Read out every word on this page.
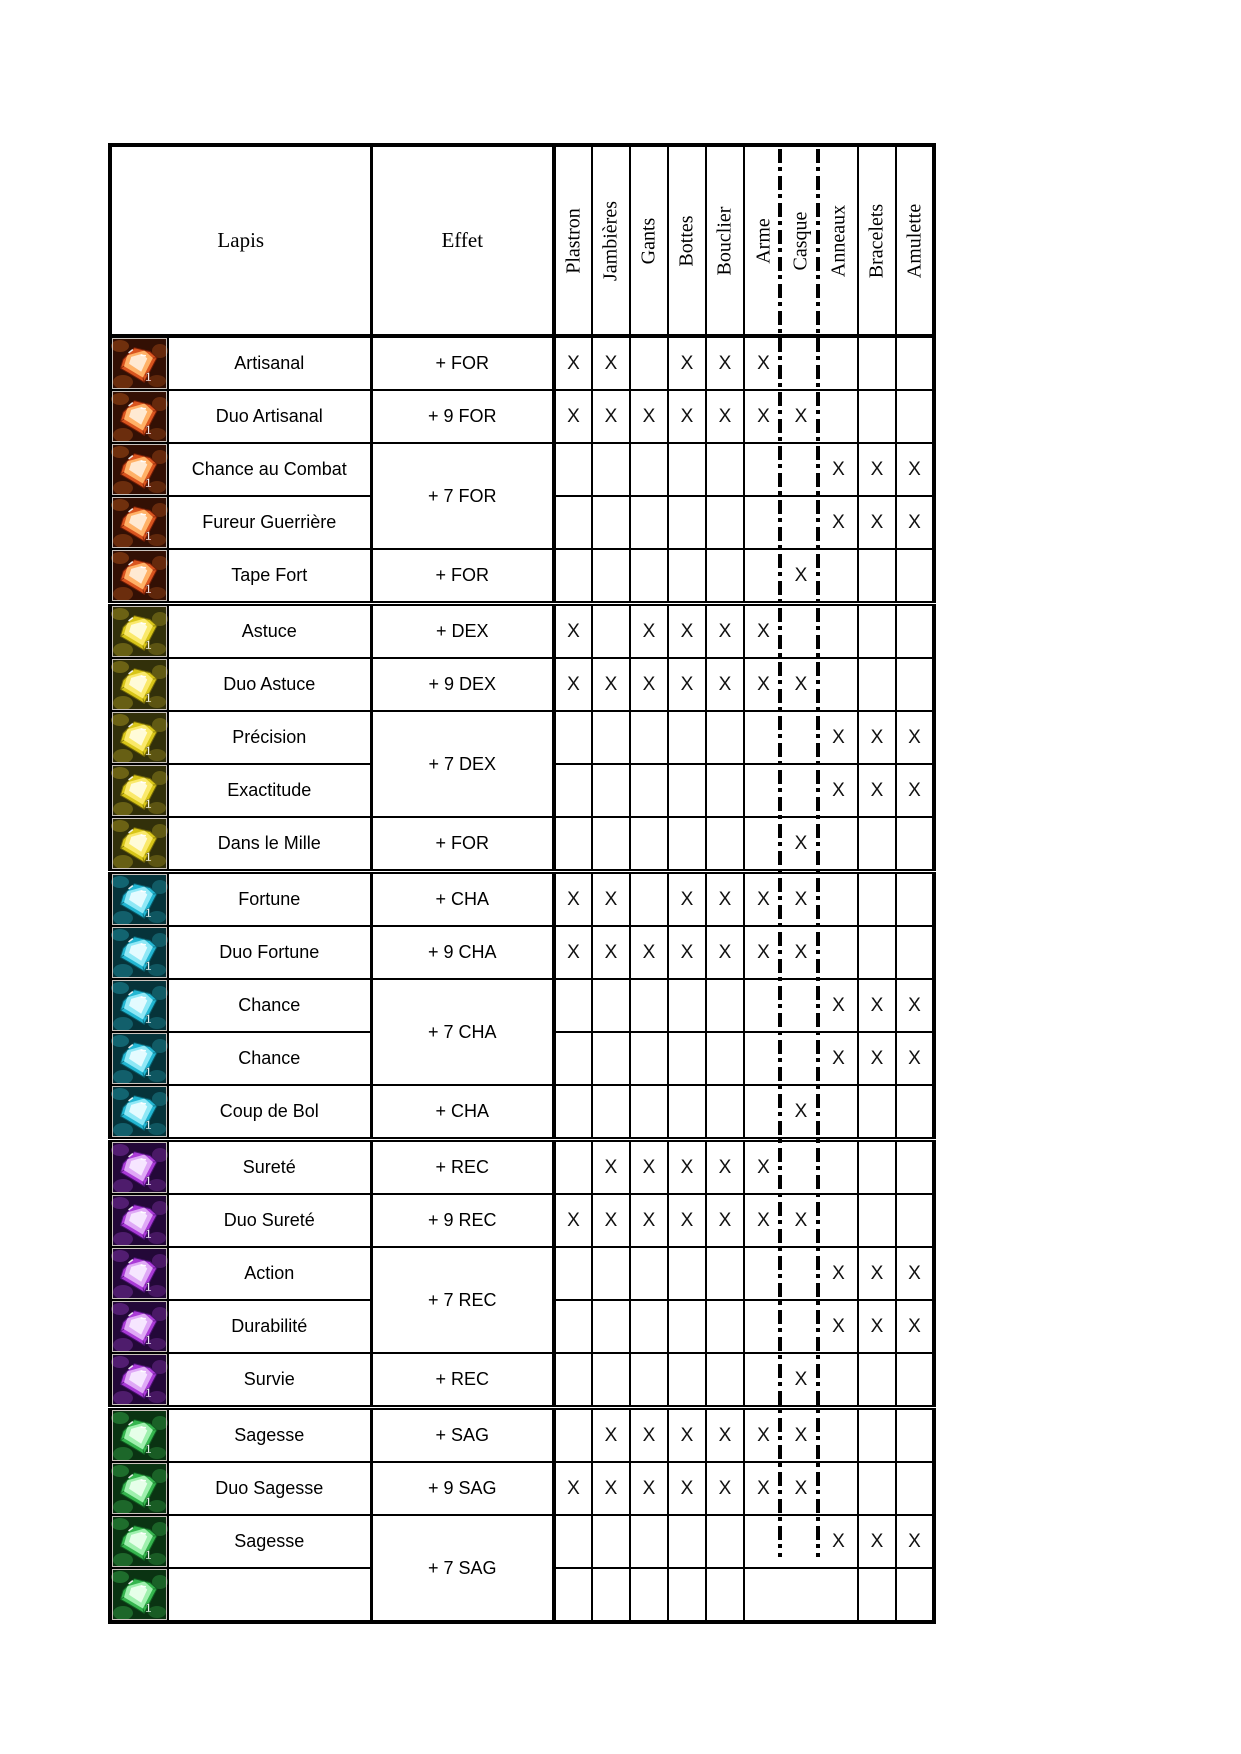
Lapis		Effet	Plastron	Jambières	Gants	Bottes	Bouclier	Arme	Casque	Anneaux	Bracelets	Amulette

1	Artisanal	+ FOR	X	X		X	X	X				

1	Duo Artisanal	+ 9 FOR	X	X	X	X	X	X	X			

1	Chance au Combat	+ 7 FOR								X	X	X

1	Fureur Guerrière									X	X	X

1	Tape Fort	+ FOR							X			

1	Astuce	+ DEX	X		X	X	X	X				

1	Duo Astuce	+ 9 DEX	X	X	X	X	X	X	X			

1	Précision	+ 7 DEX								X	X	X

1	Exactitude									X	X	X

1	Dans le Mille	+ FOR							X			

1	Fortune	+ CHA	X	X		X	X	X	X			

1	Duo Fortune	+ 9 CHA	X	X	X	X	X	X	X			

1	Chance	+ 7 CHA								X	X	X

1	Chance									X	X	X

1	Coup de Bol	+ CHA							X			

1	Sureté	+ REC		X	X	X	X	X				

1	Duo Sureté	+ 9 REC	X	X	X	X	X	X	X			

1	Action	+ 7 REC								X	X	X

1	Durabilité									X	X	X

1	Survie	+ REC							X			

1	Sagesse	+ SAG		X	X	X	X	X	X			

1	Duo Sagesse	+ 9 SAG	X	X	X	X	X	X	X			

1	Sagesse	+ 7 SAG								X	X	X

1												
